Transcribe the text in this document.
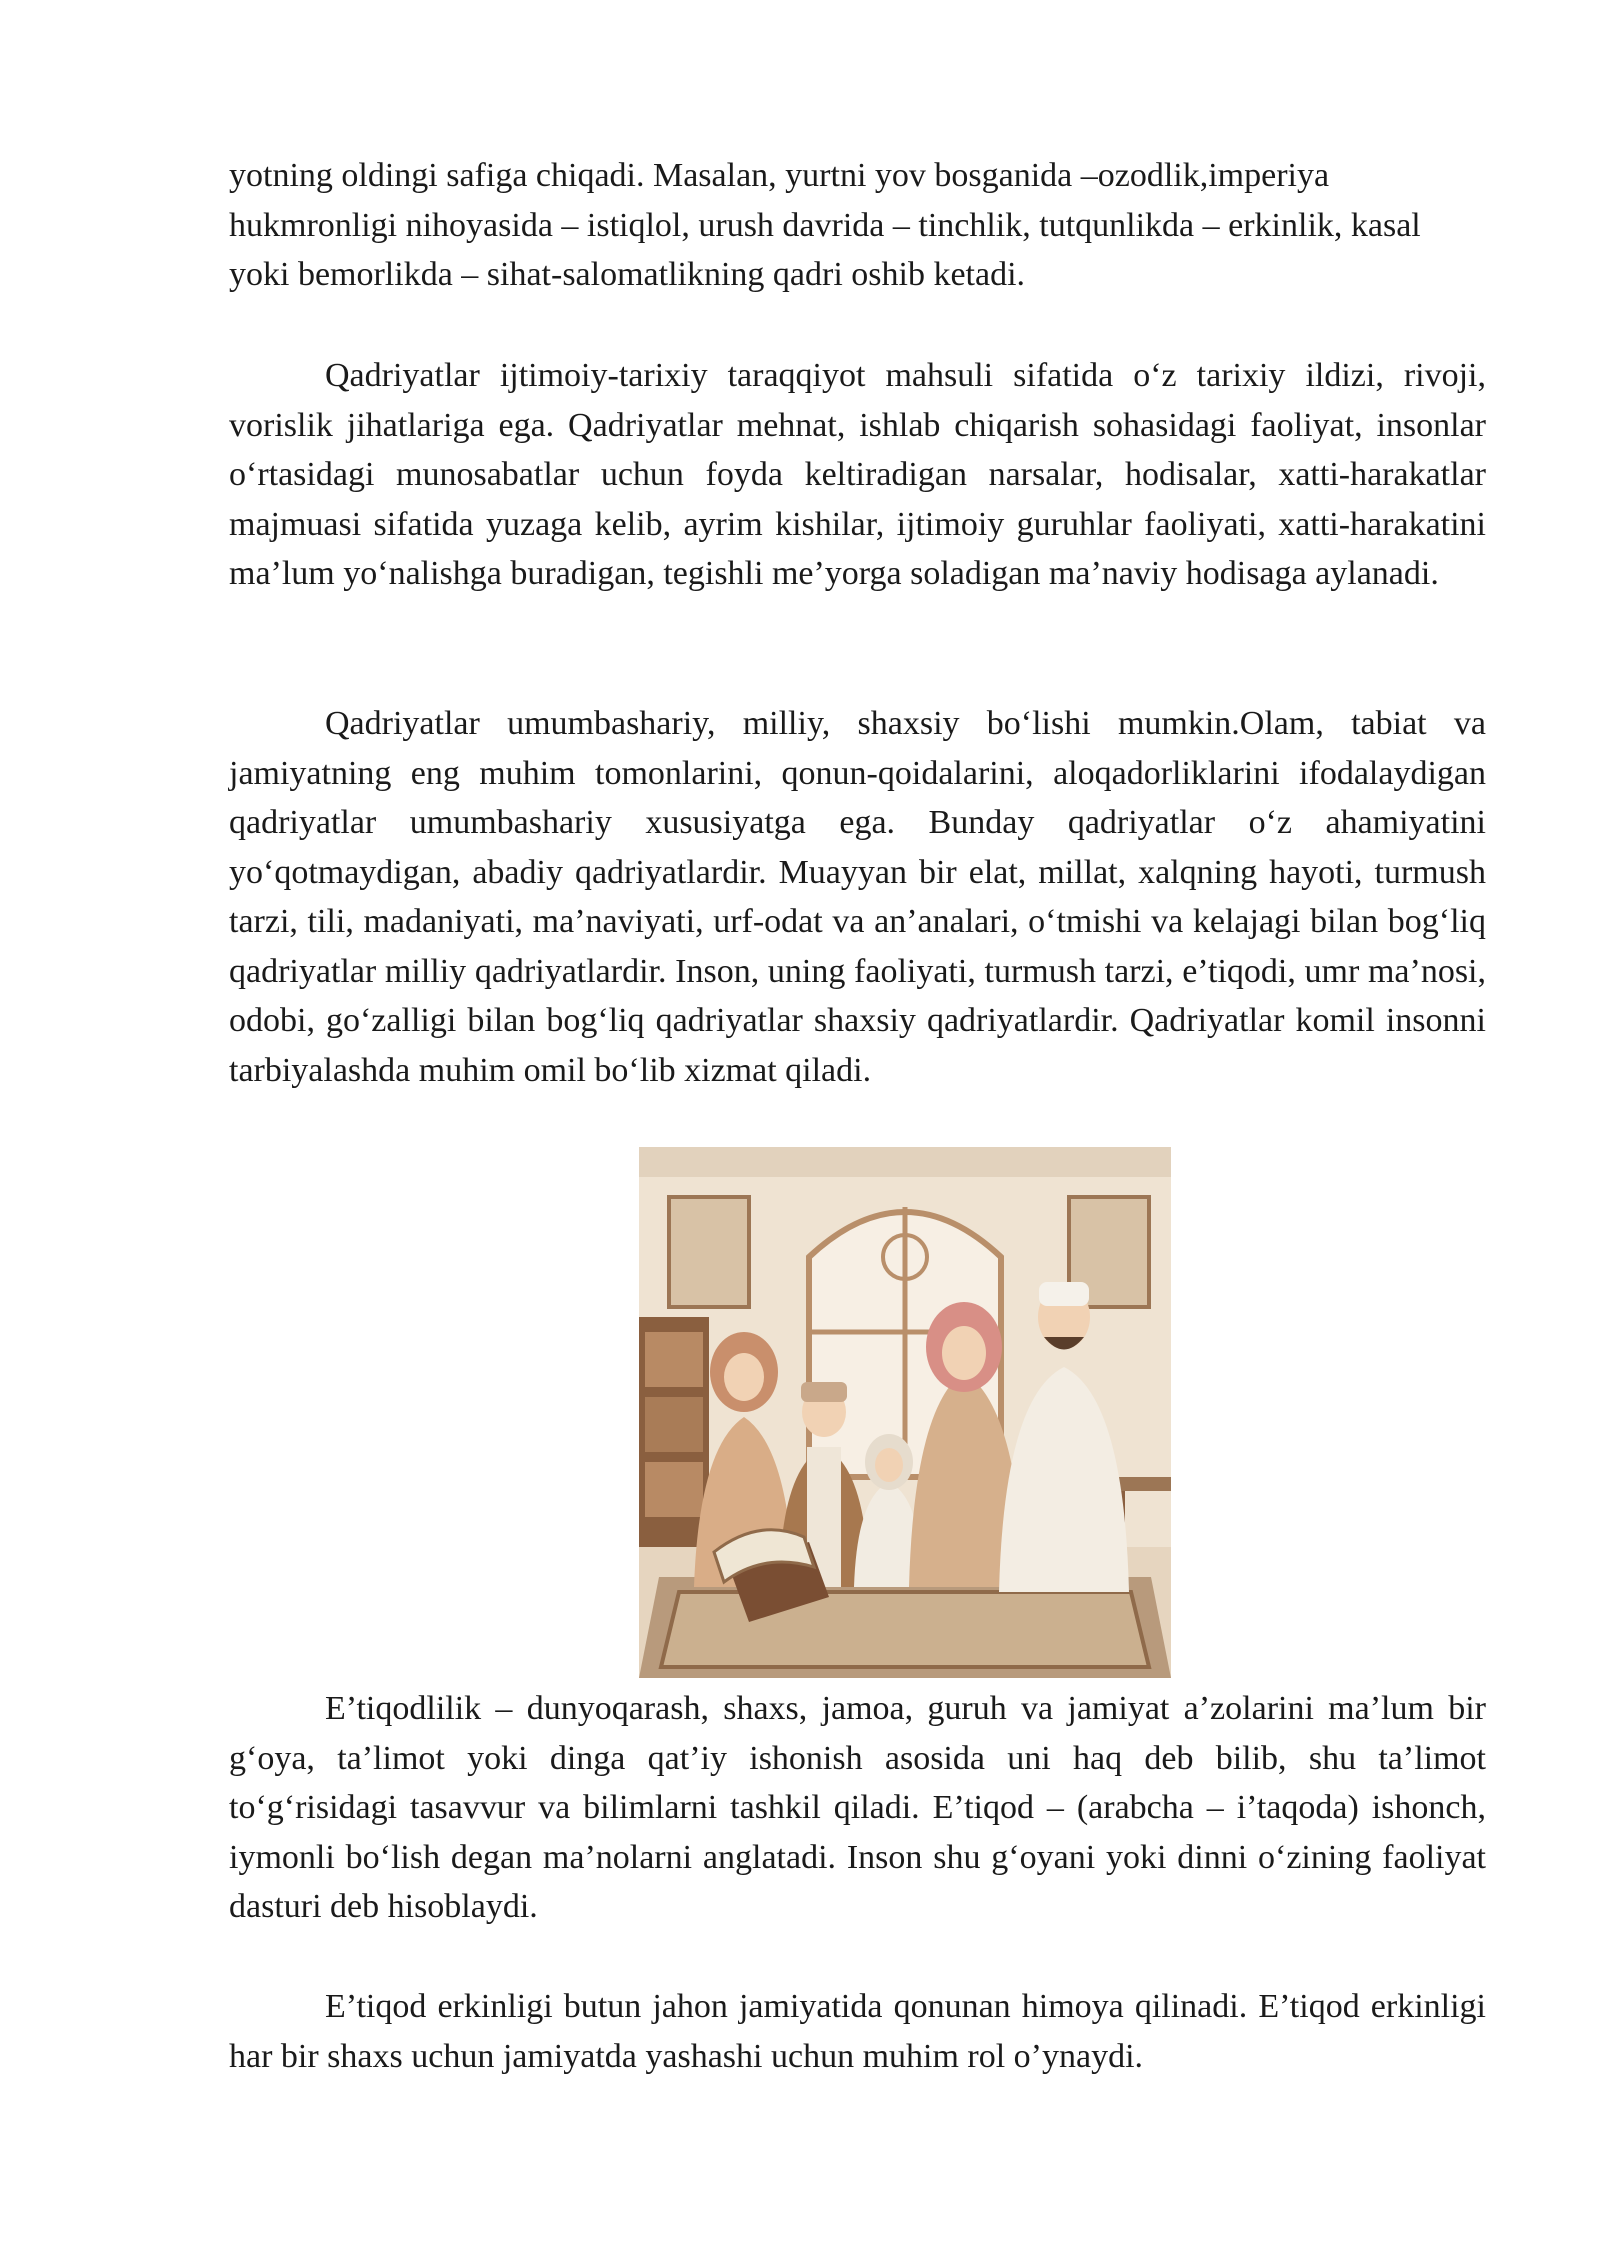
yotning oldingi safiga chiqadi. Masalan, yurtni yov bosganida –ozodlik,imperiya hukmronligi nihoyasida – istiqlol, urush davrida – tinchlik, tutqunlikda – erkinlik, kasal yoki bemorlikda – sihat-salomatlikning qadri oshib ketadi.

Qadriyatlar ijtimoiy-tarixiy taraqqiyot mahsuli sifatida o‘z tarixiy ildizi, rivoji, vorislik jihatlariga ega. Qadriyatlar mehnat, ishlab chiqarish sohasidagi faoliyat, insonlar o‘rtasidagi munosabatlar uchun foyda keltiradigan narsalar, hodisalar, xatti-harakatlar majmuasi sifatida yuzaga kelib, ayrim kishilar, ijtimoiy guruhlar faoliyati, xatti-harakatini ma’lum yo‘nalishga buradigan, tegishli me’yorga soladigan ma’naviy hodisaga aylanadi.

Qadriyatlar umumbashariy, milliy, shaxsiy bo‘lishi mumkin.Olam, tabiat va jamiyatning eng muhim tomonlarini, qonun-qoidalarini, aloqadorliklarini ifodalaydigan qadriyatlar umumbashariy xususiyatga ega. Bunday qadriyatlar o‘z ahamiyatini yo‘qotmaydigan, abadiy qadriyatlardir. Muayyan bir elat, millat, xalqning hayoti, turmush tarzi, tili, madaniyati, ma’naviyati, urf-odat va an’analari, o‘tmishi va kelajagi bilan bog‘liq qadriyatlar milliy qadriyatlardir. Inson, uning faoliyati, turmush tarzi, e’tiqodi, umr ma’nosi, odobi, go‘zalligi bilan bog‘liq qadriyatlar shaxsiy qadriyatlardir. Qadriyatlar komil insonni tarbiyalashda muhim omil bo‘lib xizmat qiladi.

E’tiqodlilik – dunyoqarash, shaxs, jamoa, guruh va jamiyat a’zolarini ma’lum bir g‘oya, ta’limot yoki dinga qat’iy ishonish asosida uni haq deb bilib, shu ta’limot to‘g‘risidagi tasavvur va bilimlarni tashkil qiladi. E’tiqod – (arabcha – i’taqoda) ishonch, iymonli bo‘lish degan ma’nolarni anglatadi. Inson shu g‘oyani yoki dinni o‘zining faoliyat dasturi deb hisoblaydi.

E’tiqod erkinligi butun jahon jamiyatida qonunan himoya qilinadi. E’tiqod erkinligi har bir shaxs uchun jamiyatda yashashi uchun muhim rol o’ynaydi.
